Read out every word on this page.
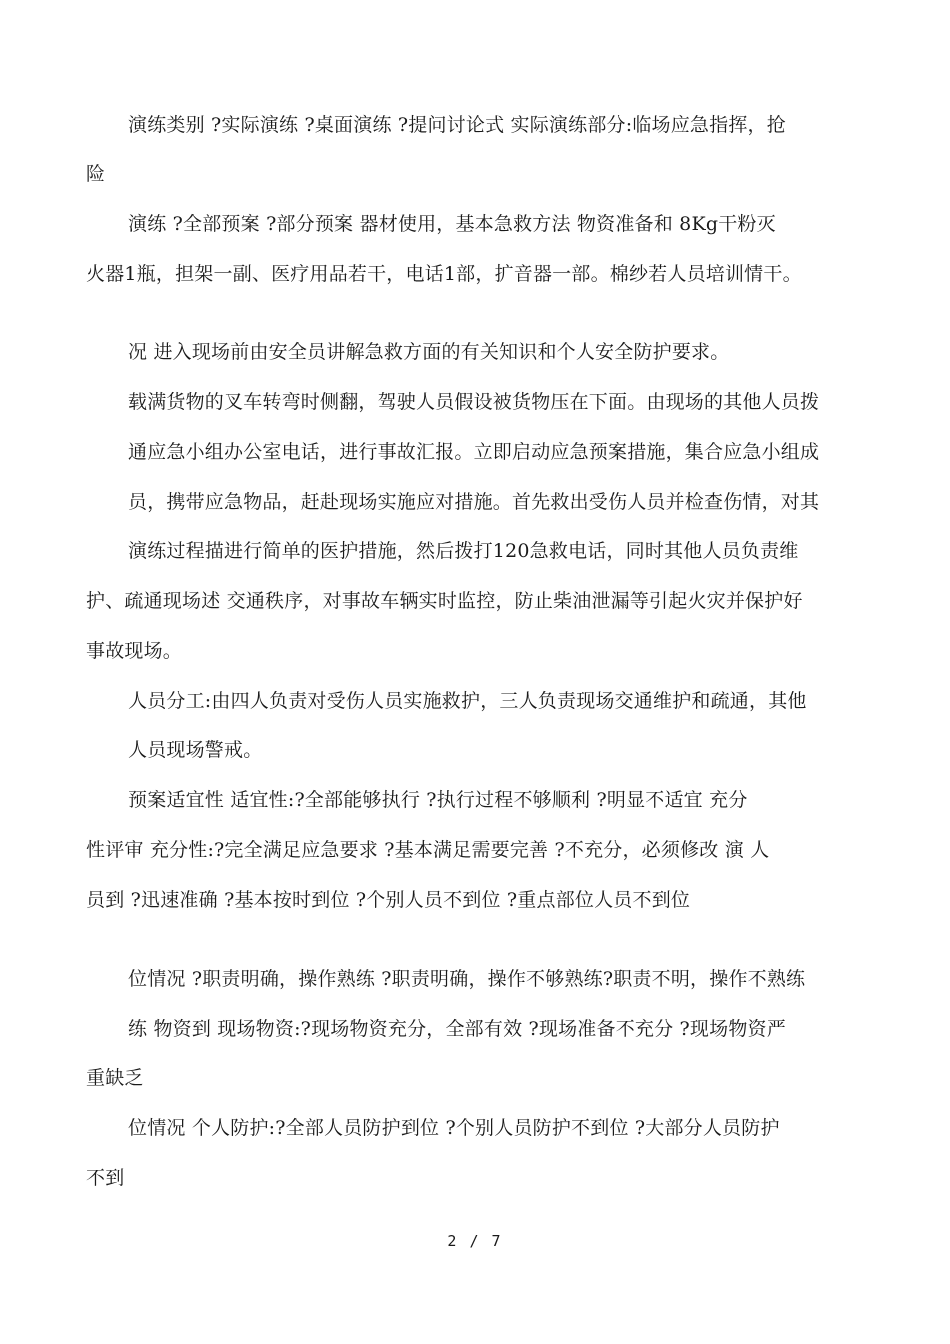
演练类别 ?实际演练 ?桌面演练 ?提问讨论式 实际演练部分:临场应急指挥，抢
险
演练 ?全部预案 ?部分预案 器材使用，基本急救方法 物资准备和 8Kg干粉灭
火器1瓶，担架一副、医疗用品若干，电话1部，扩音器一部。棉纱若人员培训情干。
况 进入现场前由安全员讲解急救方面的有关知识和个人安全防护要求。
载满货物的叉车转弯时侧翻，驾驶人员假设被货物压在下面。由现场的其他人员拨
通应急小组办公室电话，进行事故汇报。立即启动应急预案措施，集合应急小组成
员，携带应急物品，赶赴现场实施应对措施。首先救出受伤人员并检查伤情，对其
演练过程描进行简单的医护措施，然后拨打120急救电话，同时其他人员负责维
护、疏通现场述 交通秩序，对事故车辆实时监控，防止柴油泄漏等引起火灾并保护好
事故现场。
人员分工:由四人负责对受伤人员实施救护，三人负责现场交通维护和疏通，其他
人员现场警戒。
预案适宜性 适宜性:?全部能够执行 ?执行过程不够顺利 ?明显不适宜 充分
性评审 充分性:?完全满足应急要求 ?基本满足需要完善 ?不充分，必须修改 演 人
员到 ?迅速准确 ?基本按时到位 ?个别人员不到位 ?重点部位人员不到位
位情况 ?职责明确，操作熟练 ?职责明确，操作不够熟练?职责不明，操作不熟练
练 物资到 现场物资:?现场物资充分，全部有效 ?现场准备不充分 ?现场物资严
重缺乏
位情况 个人防护:?全部人员防护到位 ?个别人员防护不到位 ?大部分人员防护
不到
2 / 7
